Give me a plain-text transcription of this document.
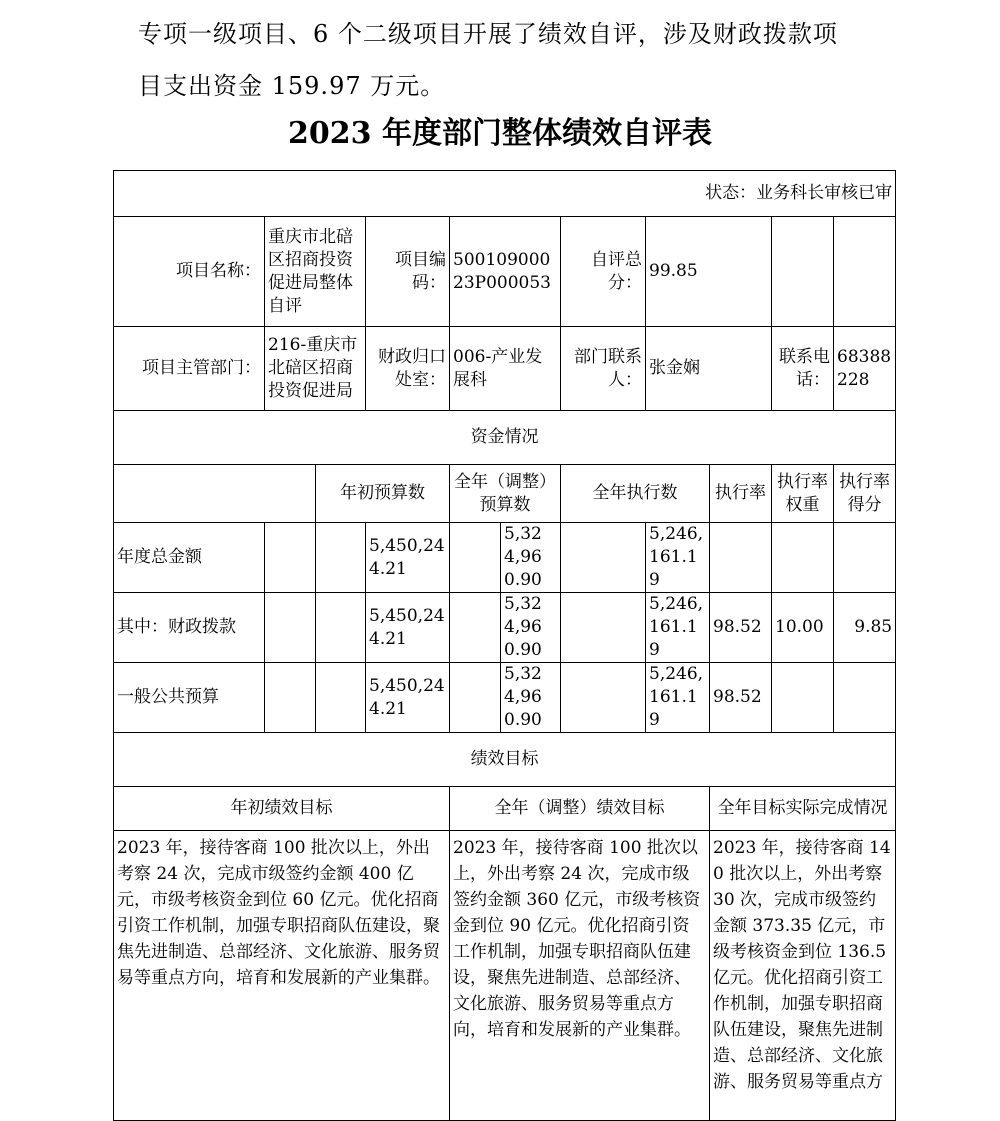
专项一级项目、6 个二级项目开展了绩效自评，涉及财政拨款项

目支出资金 159.97 万元。

2023 年度部门整体绩效自评表
状态：业务科长审核已审										
项目名称：	重庆市北碚区招商投资促进局整体自评		项目编码：	50010900023P000053		自评总分：	99.85			
项目主管部门：	216-重庆市北碚区招商投资促进局		财政归口处室：	006-产业发展科		部门联系人：	张金娴		联系电话：	68388228
资金情况										
		年初预算数		全年（调整）预算数		全年执行数		执行率	执行率权重	执行率得分
年度总金额			5,450,244.21		5,324,960.90		5,246,161.19			
其中：财政拨款			5,450,244.21		5,324,960.90		5,246,161.19	98.52	10.00	9.85
一般公共预算			5,450,244.21		5,324,960.90		5,246,161.19	98.52		
绩效目标										
年初绩效目标				全年（调整）绩效目标				全年目标实际完成情况		
2023 年，接待客商 100 批次以上，外出考察 24 次，完成市级签约金额 400 亿元，市级考核资金到位 60 亿元。优化招商引资工作机制，加强专职招商队伍建设，聚焦先进制造、总部经济、文化旅游、服务贸易等重点方向，培育和发展新的产业集群。				2023 年，接待客商 100 批次以上，外出考察 24 次，完成市级签约金额 360 亿元，市级考核资金到位 90 亿元。优化招商引资工作机制，加强专职招商队伍建设，聚焦先进制造、总部经济、文化旅游、服务贸易等重点方向，培育和发展新的产业集群。				2023 年，接待客商 140 批次以上，外出考察 30 次，完成市级签约金额 373.35 亿元，市级考核资金到位 136.5 亿元。优化招商引资工作机制，加强专职招商队伍建设，聚焦先进制造、总部经济、文化旅游、服务贸易等重点方		
